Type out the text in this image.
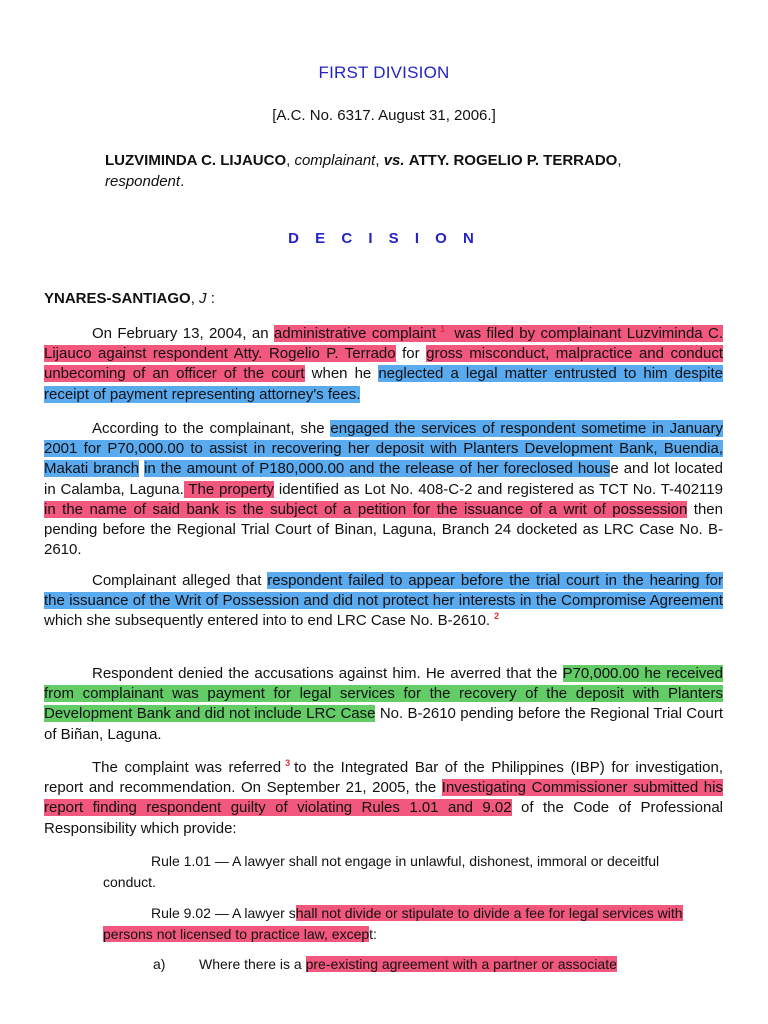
FIRST DIVISION
[A.C. No. 6317. August 31, 2006.]
LUZVIMINDA C. LIJAUCO, complainant, vs. ATTY. ROGELIO P. TERRADO, respondent.
D E C I S I O N
YNARES-SANTIAGO, J :

On February 13, 2004, an administrative complaint $^1$ was filed by complainant Luzviminda C. Lijauco against respondent Atty. Rogelio P. Terrado for gross misconduct, malpractice and conduct unbecoming of an officer of the court when he neglected a legal matter entrusted to him despite receipt of payment representing attorney's fees.

According to the complainant, she engaged the services of respondent sometime in January 2001 for P70,000.00 to assist in recovering her deposit with Planters Development Bank, Buendia, Makati branch in the amount of P180,000.00 and the release of her foreclosed house and lot located in Calamba, Laguna. The property identified as Lot No. 408-C-2 and registered as TCT No. T-402119 in the name of said bank is the subject of a petition for the issuance of a writ of possession then pending before the Regional Trial Court of Binan, Laguna, Branch 24 docketed as LRC Case No. B-2610.

Complainant alleged that respondent failed to appear before the trial court in the hearing for the issuance of the Writ of Possession and did not protect her interests in the Compromise Agreement which she subsequently entered into to end LRC Case No. B-2610. $^2$

Respondent denied the accusations against him. He averred that the P70,000.00 he received from complainant was payment for legal services for the recovery of the deposit with Planters Development Bank and did not include LRC Case No. B-2610 pending before the Regional Trial Court of Biñan, Laguna.

The complaint was referred $^3$ to the Integrated Bar of the Philippines (IBP) for investigation, report and recommendation. On September 21, 2005, the Investigating Commissioner submitted his report finding respondent guilty of violating Rules 1.01 and 9.02 of the Code of Professional Responsibility which provide:

Rule 1.01 — A lawyer shall not engage in unlawful, dishonest, immoral or deceitful conduct.

Rule 9.02 — A lawyer shall not divide or stipulate to divide a fee for legal services with persons not licensed to practice law, except:

a) Where there is a pre-existing agreement with a partner or associate
